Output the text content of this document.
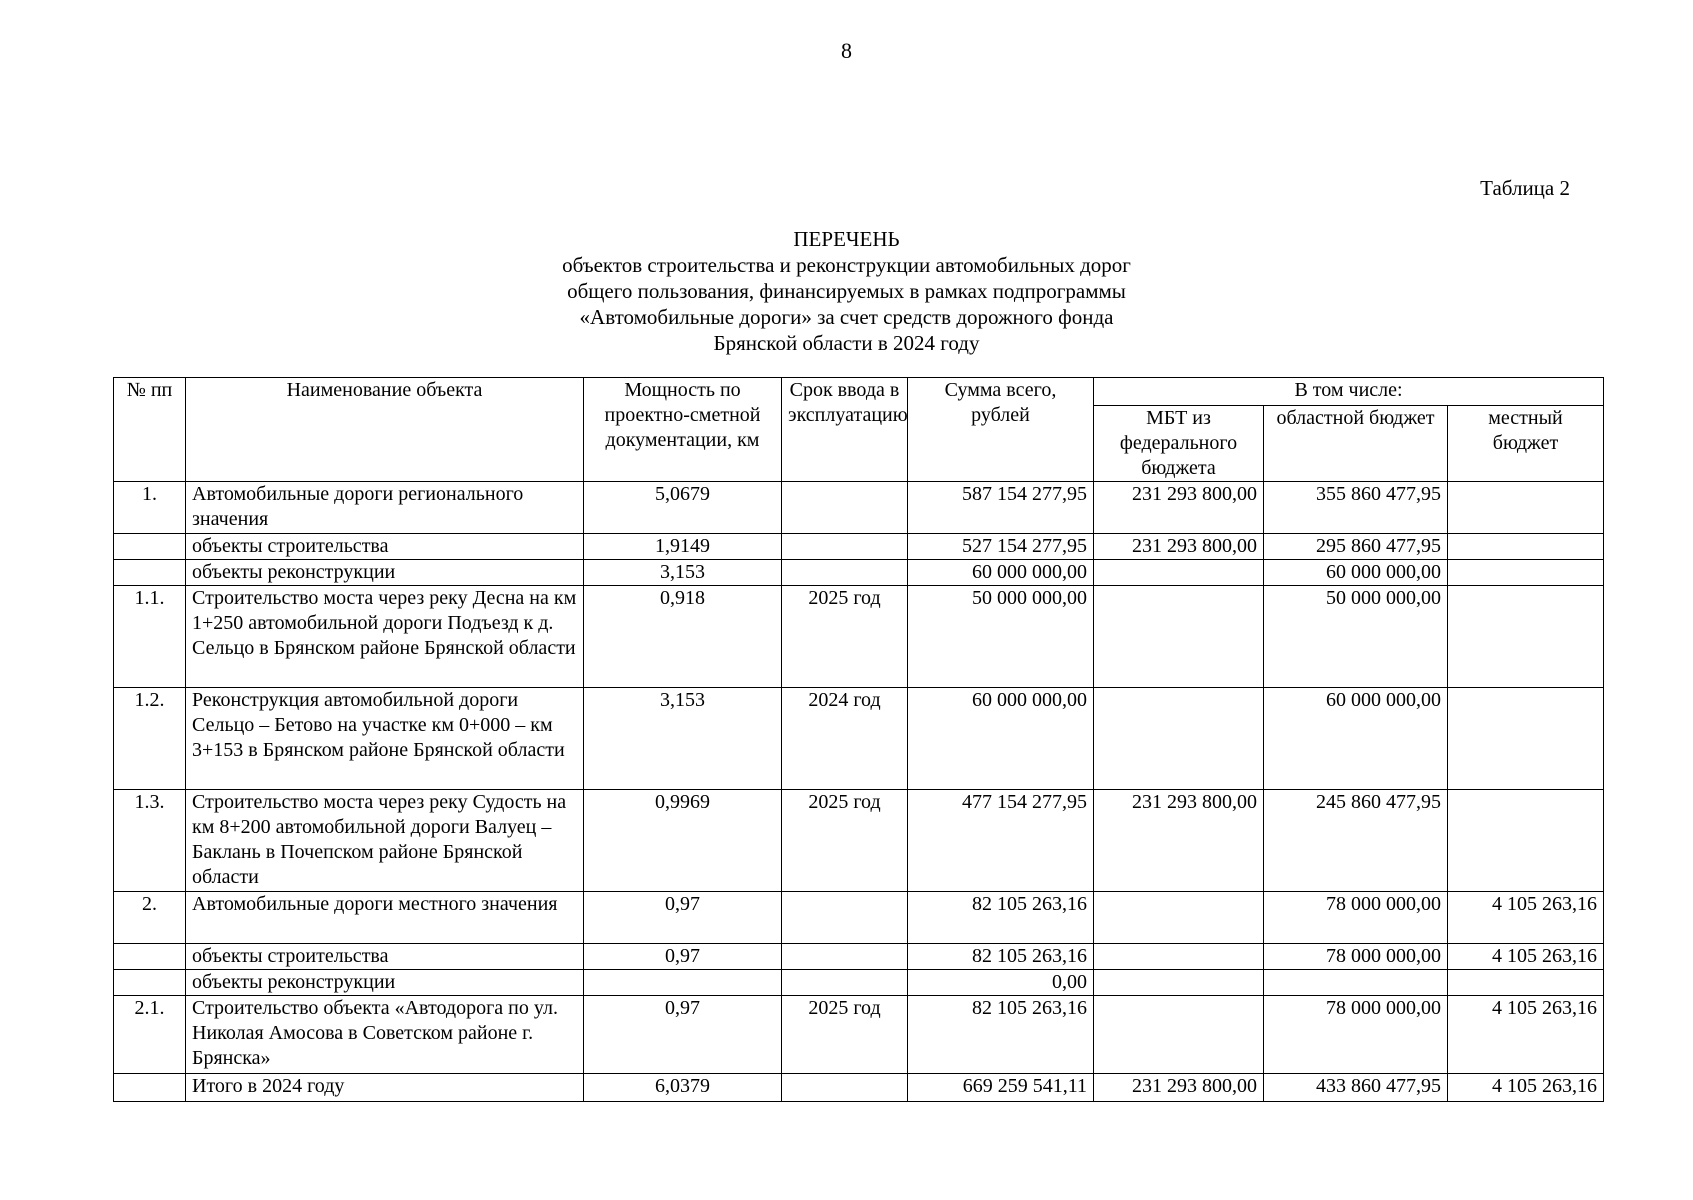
8
Таблица 2
ПЕРЕЧЕНЬ
объектов строительства и реконструкции автомобильных дорог
общего пользования, финансируемых в рамках подпрограммы
«Автомобильные дороги» за счет средств дорожного фонда
Брянской области в 2024 году
№ пп	Наименование объекта	Мощность по проектно-сметной документации, км	Срок ввода в эксплуатацию	Сумма всего, рублей	В том числе:		
					МБТ из федерального бюджета	областной бюджет	местный бюджет
1.	Автомобильные дороги регионального значения	5,0679		587 154 277,95	231 293 800,00	355 860 477,95	
	объекты строительства	1,9149		527 154 277,95	231 293 800,00	295 860 477,95	
	объекты реконструкции	3,153		60 000 000,00		60 000 000,00	
1.1.	Строительство моста через реку Десна на км 1+250 автомобильной дороги Подъезд к д. Сельцо в Брянском районе Брянской области	0,918	2025 год	50 000 000,00		50 000 000,00	
1.2.	Реконструкция автомобильной дороги Сельцо – Бетово на участке км 0+000 – км 3+153 в Брянском районе Брянской области	3,153	2024 год	60 000 000,00		60 000 000,00	
1.3.	Строительство моста через реку Судость на км 8+200 автомобильной дороги Валуец – Баклань в Почепском районе Брянской области	0,9969	2025 год	477 154 277,95	231 293 800,00	245 860 477,95	
2.	Автомобильные дороги местного значения	0,97		82 105 263,16		78 000 000,00	4 105 263,16
	объекты строительства	0,97		82 105 263,16		78 000 000,00	4 105 263,16
	объекты реконструкции			0,00			
2.1.	Строительство объекта «Автодорога по ул. Николая Амосова в Советском районе г. Брянска»	0,97	2025 год	82 105 263,16		78 000 000,00	4 105 263,16
	Итого в 2024 году	6,0379		669 259 541,11	231 293 800,00	433 860 477,95	4 105 263,16
